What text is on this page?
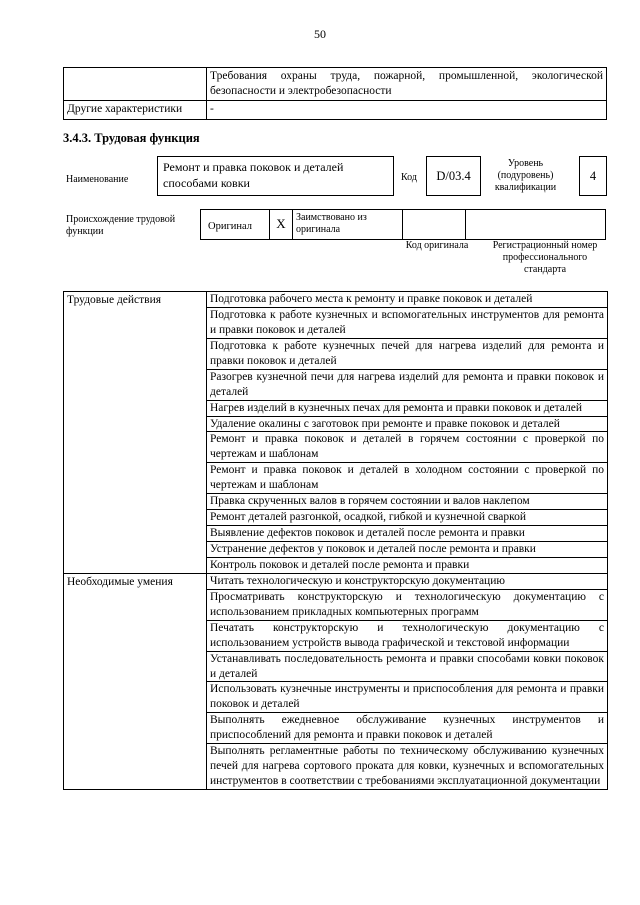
50
	Требования охраны труда, пожарной, промышленной, экологической безопасности и электробезопасности
Другие характеристики	-
3.4.3. Трудовая функция
Наименование
Ремонт и правка поковок и деталей способами ковки	Код	D/03.4
Уровень (подуровень) квалификации
4
Происхождение трудовой функции	Оригинал	X	Заимствовано из оригинала
Код оригинала	Регистрационный номер профессионального стандарта
Трудовые действия	Подготовка рабочего места к ремонту и правке поковок и деталей
	Подготовка к работе кузнечных и вспомогательных инструментов для ремонта и правки поковок и деталей
	Подготовка к работе кузнечных печей для нагрева изделий для ремонта и правки поковок и деталей
	Разогрев кузнечной печи для нагрева изделий для ремонта и правки поковок и деталей
	Нагрев изделий в кузнечных печах для ремонта и правки поковок и деталей
	Удаление окалины с заготовок при ремонте и правке поковок и деталей
	Ремонт и правка поковок и деталей в горячем состоянии с проверкой по чертежам и шаблонам
	Ремонт и правка поковок и деталей в холодном состоянии с проверкой по чертежам и шаблонам
	Правка скрученных валов в горячем состоянии и валов наклепом
	Ремонт деталей разгонкой, осадкой, гибкой и кузнечной сваркой
	Выявление дефектов поковок и деталей после ремонта и правки
	Устранение дефектов у поковок и деталей после ремонта и правки
	Контроль поковок и деталей после ремонта и правки
Необходимые умения	Читать технологическую и конструкторскую документацию
	Просматривать конструкторскую и технологическую документацию с использованием прикладных компьютерных программ
	Печатать конструкторскую и технологическую документацию с использованием устройств вывода графической и текстовой информации
	Устанавливать последовательность ремонта и правки способами ковки поковок и деталей
	Использовать кузнечные инструменты и приспособления для ремонта и правки поковок и деталей
	Выполнять ежедневное обслуживание кузнечных инструментов и приспособлений для ремонта и правки поковок и деталей
	Выполнять регламентные работы по техническому обслуживанию кузнечных печей для нагрева сортового проката для ковки, кузнечных и вспомогательных инструментов в соответствии с требованиями эксплуатационной документации
